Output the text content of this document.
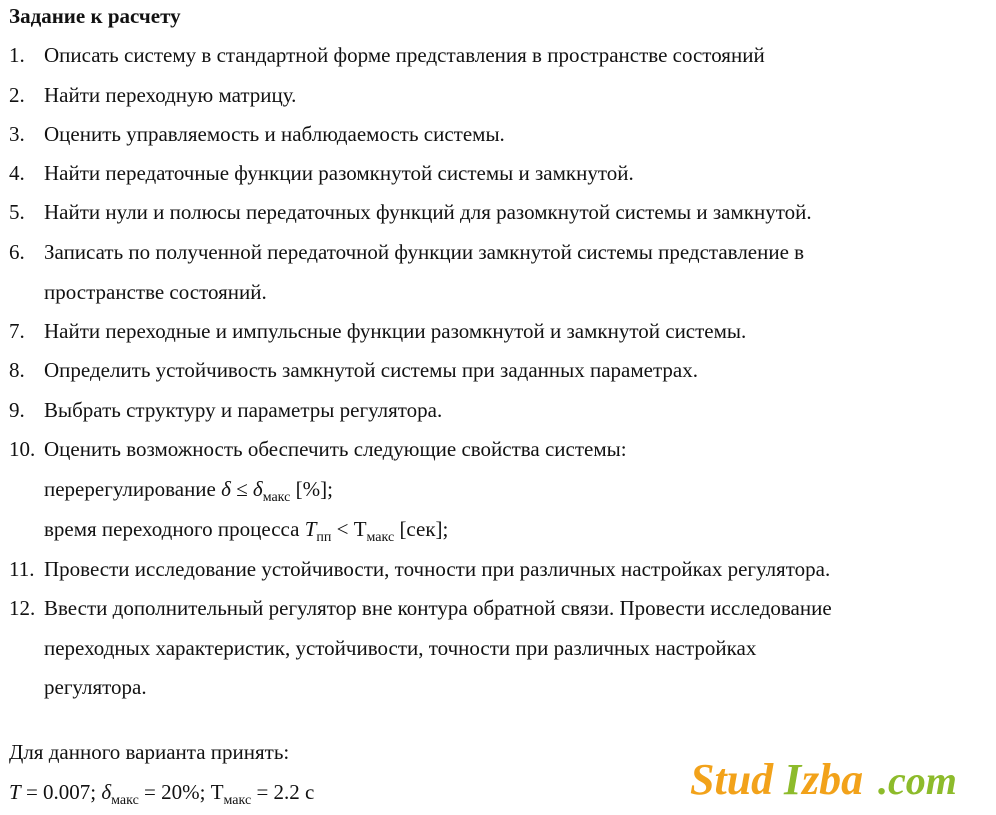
Задание к расчету
1. Описать систему в стандартной форме представления в пространстве состояний
2. Найти переходную матрицу.
3. Оценить управляемость и наблюдаемость системы.
4. Найти передаточные функции разомкнутой системы и замкнутой.
5. Найти нули и полюсы передаточных функций для разомкнутой системы и замкнутой.
6. Записать по полученной передаточной функции замкнутой системы представление в
пространстве состояний.
7. Найти переходные и импульсные функции разомкнутой и замкнутой системы.
8. Определить устойчивость замкнутой системы при заданных параметрах.
9. Выбрать структуру и параметры регулятора.
10. Оценить возможность обеспечить следующие свойства системы:
11. Провести исследование устойчивости, точности при различных настройках регулятора.
12. Ввести дополнительный регулятор вне контура обратной связи. Провести исследование
переходных характеристик, устойчивости, точности при различных настройках
регулятора.
перерегулирование $\delta \le \delta_{макс}$ [%];
время переходного процесса $T_{пп} < Т_{макс}$ [сек];
Для данного варианта принять:
T = 0.007; $\delta_{макс} = 20\%$; $Т_{макс} = 2.2$ с	Stud I zba .com
